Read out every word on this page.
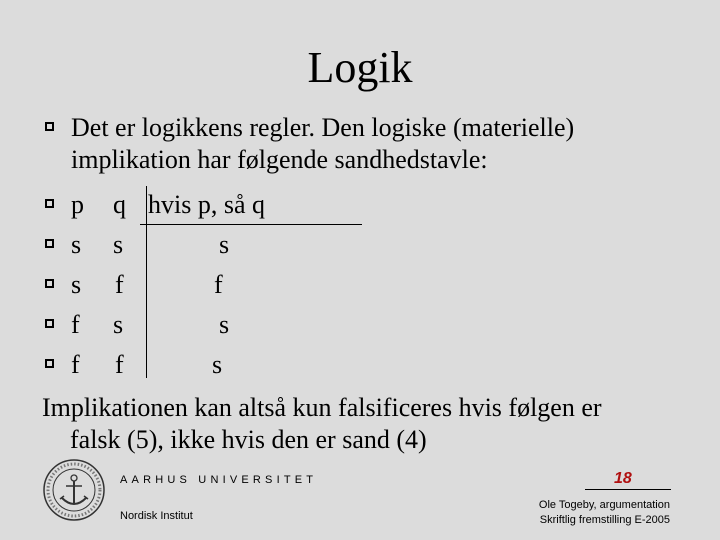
Logik
Det er logikkens regler. Den logiske (materielle)
implikation har følgende sandhedstavle:
p q hvis p, så q
s s	s
s f	f
f s	s
f f	s
Implikationen kan altså kun falsificeres hvis følgen er
falsk (5), ikke hvis den er sand (4)
AARHUS UNIVERSITET
Nordisk Institut
18
Ole Togeby, argumentation
Skriftlig fremstilling E-2005
